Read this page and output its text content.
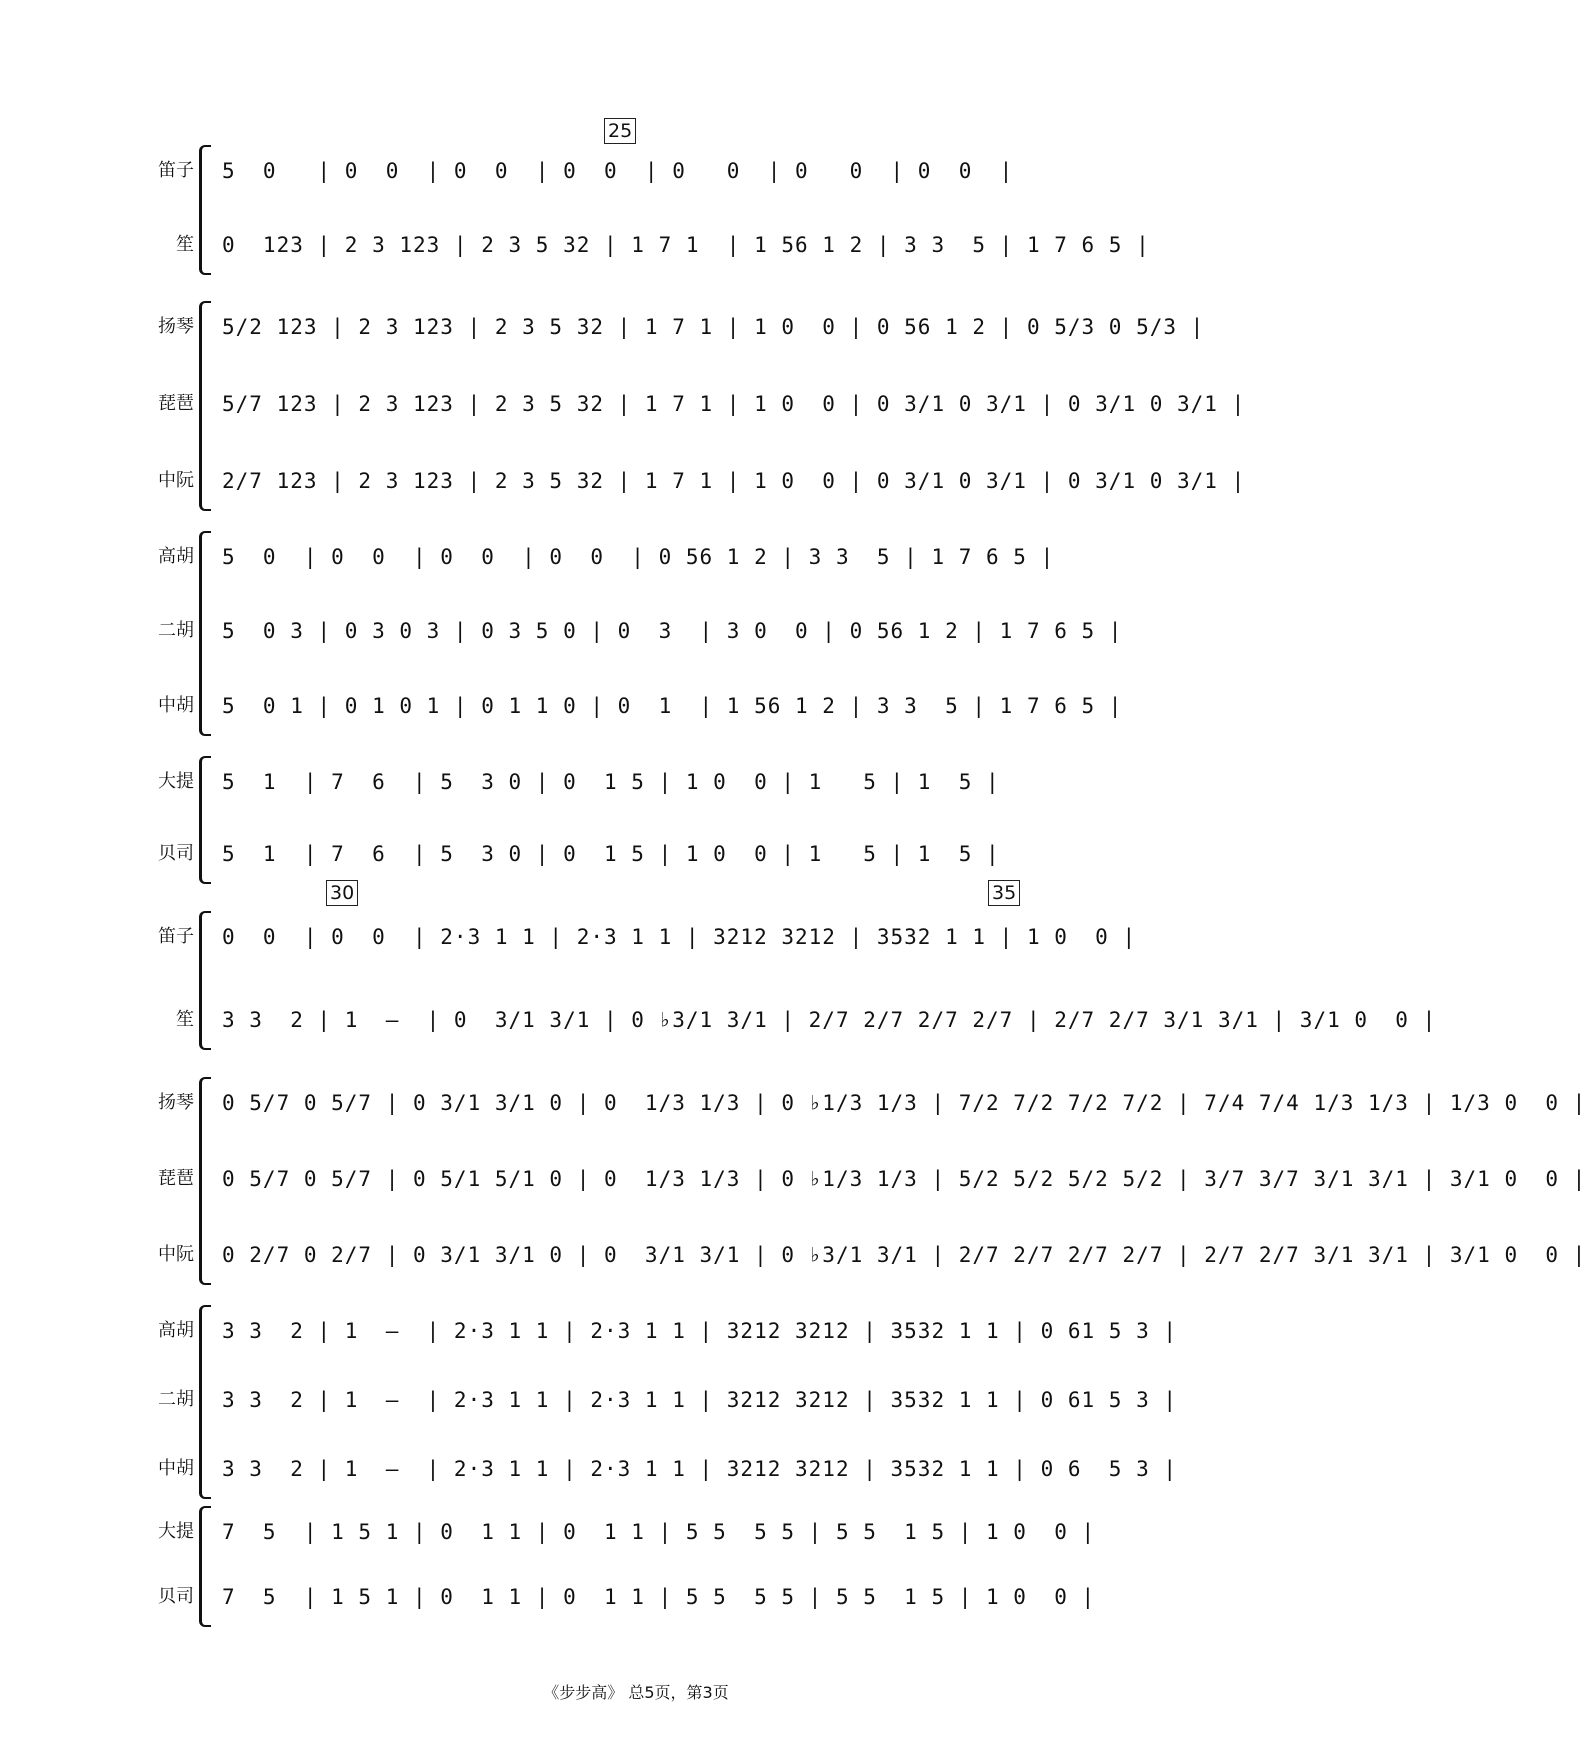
笛子 5  0   | 0  0  | 0  0  | 0  0  | 0   0  | 0   0  | 0  0  |
笙 0  123 | 2 3 123 | 2 3 5 32 | 1 7 1  | 1 56 1 2 | 3 3  5 | 1 7 6 5 |
扬琴 5/2 123 | 2 3 123 | 2 3 5 32 | 1 7 1 | 1 0  0 | 0 56 1 2 | 0 5/3 0 5/3 |
琵琶 5/7 123 | 2 3 123 | 2 3 5 32 | 1 7 1 | 1 0  0 | 0 3/1 0 3/1 | 0 3/1 0 3/1 |
中阮 2/7 123 | 2 3 123 | 2 3 5 32 | 1 7 1 | 1 0  0 | 0 3/1 0 3/1 | 0 3/1 0 3/1 |
高胡 5  0  | 0  0  | 0  0  | 0  0  | 0 56 1 2 | 3 3  5 | 1 7 6 5 |
二胡 5  0 3 | 0 3 0 3 | 0 3 5 0 | 0  3  | 3 0  0 | 0 56 1 2 | 1 7 6 5 |
中胡 5  0 1 | 0 1 0 1 | 0 1 1 0 | 0  1  | 1 56 1 2 | 3 3  5 | 1 7 6 5 |
大提 5  1  | 7  6  | 5  3 0 | 0  1 5 | 1 0  0 | 1   5 | 1  5 |
贝司 5  1  | 7  6  | 5  3 0 | 0  1 5 | 1 0  0 | 1   5 | 1  5 |
笛子 0  0  | 0  0  | 2·3 1 1 | 2·3 1 1 | 3212 3212 | 3532 1 1 | 1 0  0 |
笙 3 3  2 | 1  –  | 0  3/1 3/1 | 0 ♭3/1 3/1 | 2/7 2/7 2/7 2/7 | 2/7 2/7 3/1 3/1 | 3/1 0  0 |
扬琴 0 5/7 0 5/7 | 0 3/1 3/1 0 | 0  1/3 1/3 | 0 ♭1/3 1/3 | 7/2 7/2 7/2 7/2 | 7/4 7/4 1/3 1/3 | 1/3 0  0 |
琵琶 0 5/7 0 5/7 | 0 5/1 5/1 0 | 0  1/3 1/3 | 0 ♭1/3 1/3 | 5/2 5/2 5/2 5/2 | 3/7 3/7 3/1 3/1 | 3/1 0  0 |
中阮 0 2/7 0 2/7 | 0 3/1 3/1 0 | 0  3/1 3/1 | 0 ♭3/1 3/1 | 2/7 2/7 2/7 2/7 | 2/7 2/7 3/1 3/1 | 3/1 0  0 |
高胡 3 3  2 | 1  –  | 2·3 1 1 | 2·3 1 1 | 3212 3212 | 3532 1 1 | 0 61 5 3 |
二胡 3 3  2 | 1  –  | 2·3 1 1 | 2·3 1 1 | 3212 3212 | 3532 1 1 | 0 61 5 3 |
中胡 3 3  2 | 1  –  | 2·3 1 1 | 2·3 1 1 | 3212 3212 | 3532 1 1 | 0 6  5 3 |
大提 7  5  | 1 5 1 | 0  1 1 | 0  1 1 | 5 5  5 5 | 5 5  1 5 | 1 0  0 |
贝司 7  5  | 1 5 1 | 0  1 1 | 0  1 1 | 5 5  5 5 | 5 5  1 5 | 1 0  0 |
25
30	35
《步步高》 总5页，第3页
